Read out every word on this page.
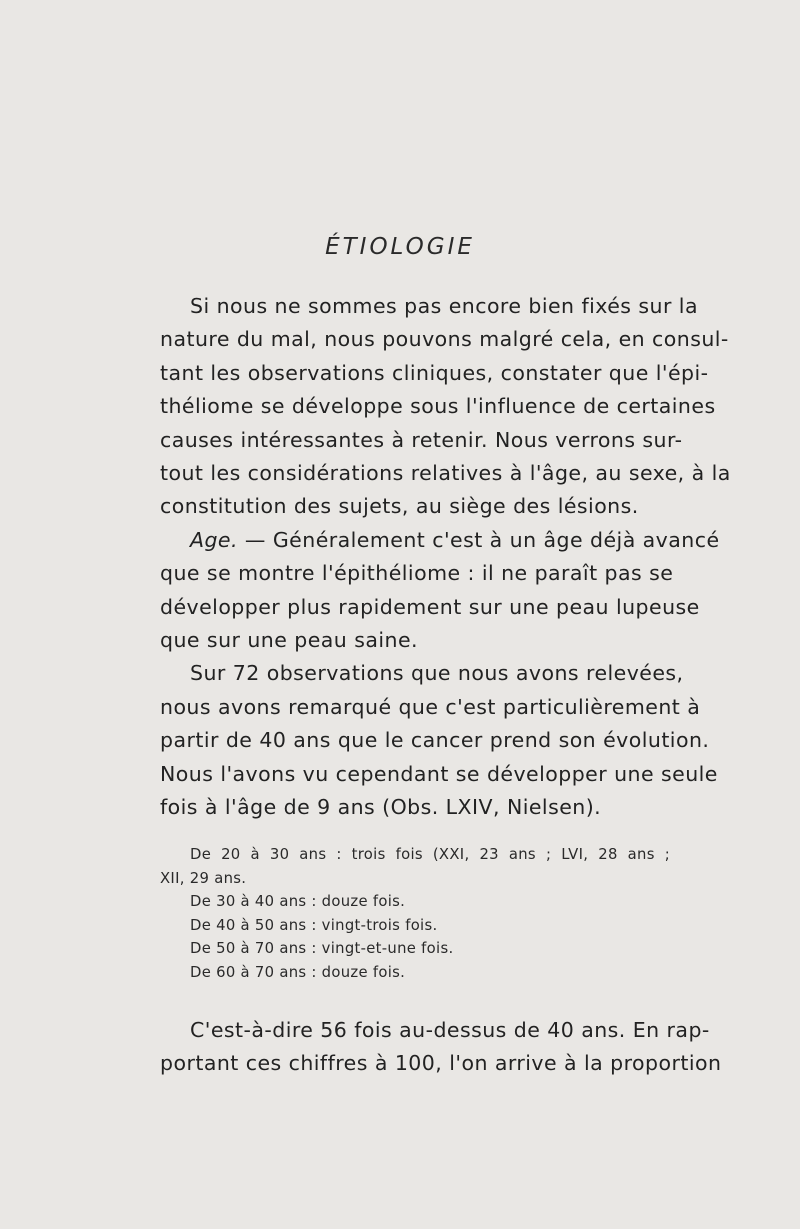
ÉTIOLOGIE
Si nous ne sommes pas encore bien fixés sur la
nature du mal, nous pouvons malgré cela, en consul-
tant les observations cliniques, constater que l'épi-
théliome se développe sous l'influence de certaines
causes intéressantes à retenir. Nous verrons sur-
tout les considérations relatives à l'âge, au sexe, à la
constitution des sujets, au siège des lésions.
Age. — Généralement c'est à un âge déjà avancé
que se montre l'épithéliome : il ne paraît pas se
développer plus rapidement sur une peau lupeuse
que sur une peau saine.
Sur 72 observations que nous avons relevées,
nous avons remarqué que c'est particulièrement à
partir de 40 ans que le cancer prend son évolution.
Nous l'avons vu cependant se développer une seule
fois à l'âge de 9 ans (Obs. LXIV, Nielsen).
De 20 à 30 ans : trois fois (XXI, 23 ans ; LVI, 28 ans ;
XII, 29 ans.
De 30 à 40 ans : douze fois.
De 40 à 50 ans : vingt-trois fois.
De 50 à 70 ans : vingt-et-une fois.
De 60 à 70 ans : douze fois.
C'est-à-dire 56 fois au-dessus de 40 ans. En rap-
portant ces chiffres à 100, l'on arrive à la proportion
